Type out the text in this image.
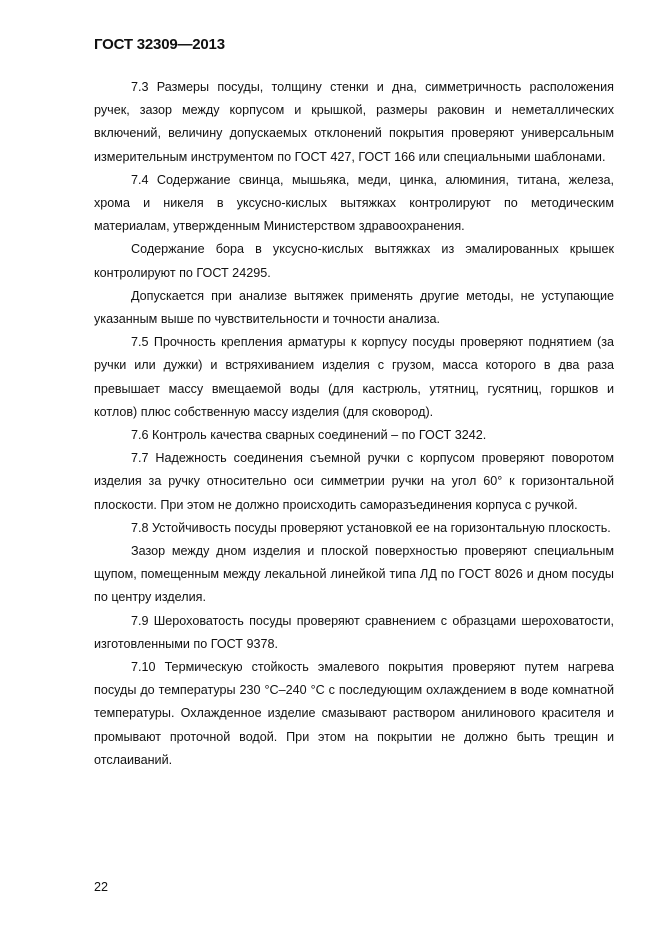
ГОСТ 32309—2013

7.3 Размеры посуды, толщину стенки и дна, симметричность расположения ручек, зазор между корпусом и крышкой, размеры раковин и неметаллических включений, величину допускаемых отклонений покрытия проверяют универсальным измерительным инструментом по ГОСТ 427, ГОСТ 166 или специальными шаблонами.

7.4 Содержание свинца, мышьяка, меди, цинка, алюминия, титана, железа, хрома и никеля в уксусно-кислых вытяжках контролируют по методическим материалам, утвержденным Министерством здравоохранения.

Содержание бора в уксусно-кислых вытяжках из эмалированных крышек контролируют по ГОСТ 24295.

Допускается при анализе вытяжек применять другие методы, не уступающие указанным выше по чувствительности и точности анализа.

7.5 Прочность крепления арматуры к корпусу посуды проверяют поднятием (за ручки или дужки) и встряхиванием изделия с грузом, масса которого в два раза превышает массу вмещаемой воды (для кастрюль, утятниц, гусятниц, горшков и котлов) плюс собственную массу изделия (для сковород).

7.6 Контроль качества сварных соединений – по ГОСТ 3242.

7.7 Надежность соединения съемной ручки с корпусом проверяют поворотом изделия за ручку относительно оси симметрии ручки на угол 60° к горизонтальной плоскости. При этом не должно происходить саморазъединения корпуса с ручкой.

7.8 Устойчивость посуды проверяют установкой ее на горизонтальную плоскость.

Зазор между дном изделия и плоской поверхностью проверяют специальным щупом, помещенным между лекальной линейкой типа ЛД по ГОСТ 8026 и дном посуды по центру изделия.

7.9 Шероховатость посуды проверяют сравнением с образцами шероховатости, изготовленными по ГОСТ 9378.

7.10 Термическую стойкость эмалевого покрытия проверяют путем нагрева посуды до температуры 230 °С–240 °С с последующим охлаждением в воде комнатной температуры. Охлажденное изделие смазывают раствором анилинового красителя и промывают проточной водой. При этом на покрытии не должно быть трещин и отслаиваний.

22
